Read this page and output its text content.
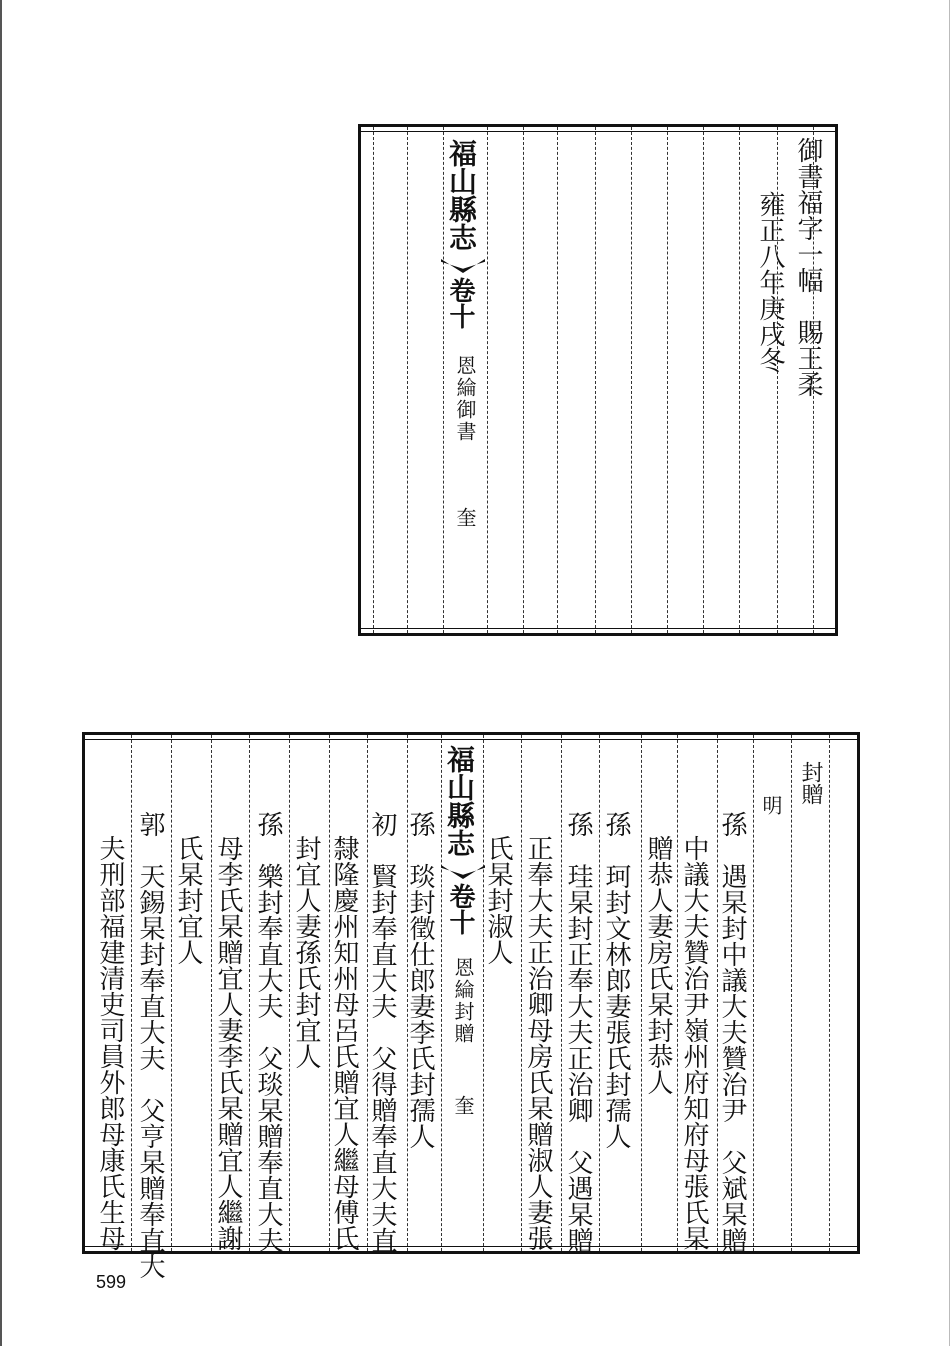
福山縣志
卷十
恩綸御書
奎
御書福字一幅　賜王柔
雍正八年庚戌冬
福山縣志
卷十
恩綸封贈
奎
封贈
明
孫　遇杲封中議大夫贊治尹　父斌杲贈
中議大夫贊治尹嶺州府知府母張氏杲
贈恭人妻房氏杲封恭人
孫　珂封文林郎妻張氏封孺人
孫　珪杲封正奉大夫正治卿　父遇杲贈
正奉大夫正治卿母房氏杲贈淑人妻張
氏杲封淑人
孫　琰封徵仕郎妻李氏封孺人
初　賢封奉直大夫　父得贈奉直大夫直
隸隆慶州知州母呂氏贈宜人繼母傅氏
封宜人妻孫氏封宜人
孫　樂封奉直大夫　父琰杲贈奉直大夫
母李氏杲贈宜人妻李氏杲贈宜人繼謝
氏杲封宜人
郭　天錫杲封奉直大夫　父亨杲贈奉直大
夫刑部福建清吏司員外郎母康氏生母
599
